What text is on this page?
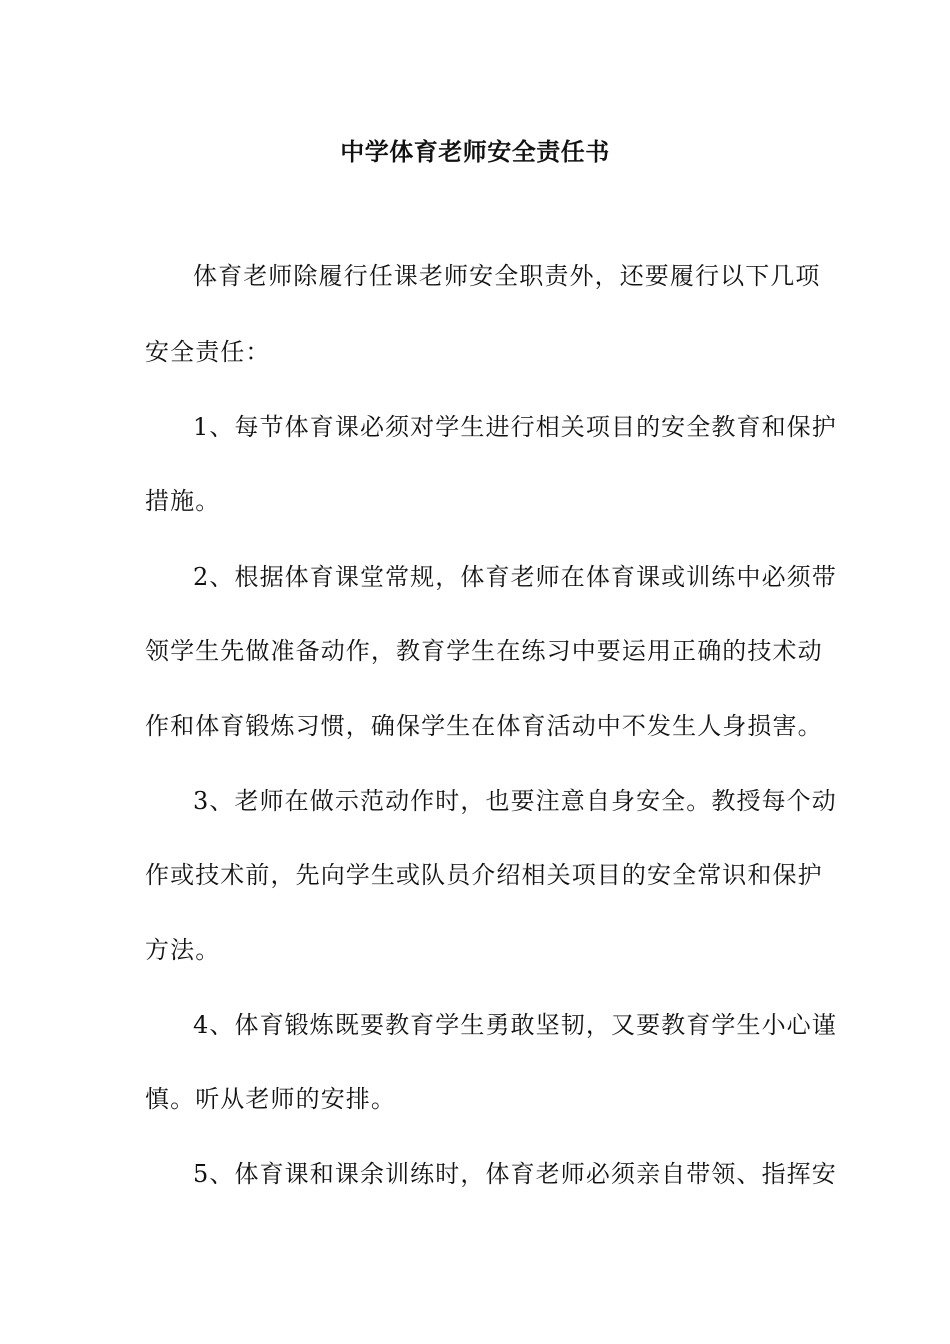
中学体育老师安全责任书
体育老师除履行任课老师安全职责外，还要履行以下几项
安全责任：
1、每节体育课必须对学生进行相关项目的安全教育和保护
措施。
2、根据体育课堂常规，体育老师在体育课或训练中必须带
领学生先做准备动作，教育学生在练习中要运用正确的技术动
作和体育锻炼习惯，确保学生在体育活动中不发生人身损害。
3、老师在做示范动作时，也要注意自身安全。教授每个动
作或技术前，先向学生或队员介绍相关项目的安全常识和保护
方法。
4、体育锻炼既要教育学生勇敢坚韧，又要教育学生小心谨
慎。听从老师的安排。
5、体育课和课余训练时，体育老师必须亲自带领、指挥安
